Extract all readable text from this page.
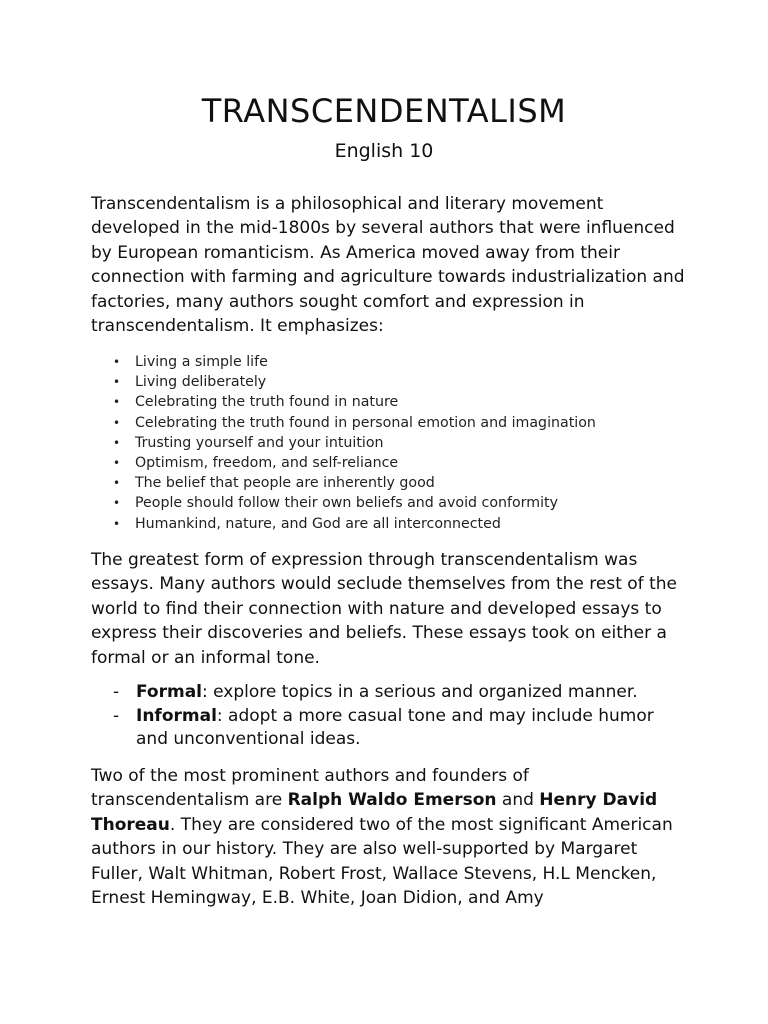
TRANSCENDENTALISM
English 10
Transcendentalism is a philosophical and literary movement developed in the mid-1800s by several authors that were influenced by European romanticism. As America moved away from their connection with farming and agriculture towards industrialization and factories, many authors sought comfort and expression in transcendentalism. It emphasizes:
• Living a simple life
• Living deliberately
• Celebrating the truth found in nature
• Celebrating the truth found in personal emotion and imagination
• Trusting yourself and your intuition
• Optimism, freedom, and self-reliance
• The belief that people are inherently good
• People should follow their own beliefs and avoid conformity
• Humankind, nature, and God are all interconnected
The greatest form of expression through transcendentalism was essays. Many authors would seclude themselves from the rest of the world to find their connection with nature and developed essays to express their discoveries and beliefs. These essays took on either a formal or an informal tone.
- Formal: explore topics in a serious and organized manner.
- Informal: adopt a more casual tone and may include humor and unconventional ideas.
Two of the most prominent authors and founders of transcendentalism are Ralph Waldo Emerson and Henry David Thoreau. They are considered two of the most significant American authors in our history. They are also well-supported by Margaret Fuller, Walt Whitman, Robert Frost, Wallace Stevens, H.L Mencken, Ernest Hemingway, E.B. White, Joan Didion, and Amy
